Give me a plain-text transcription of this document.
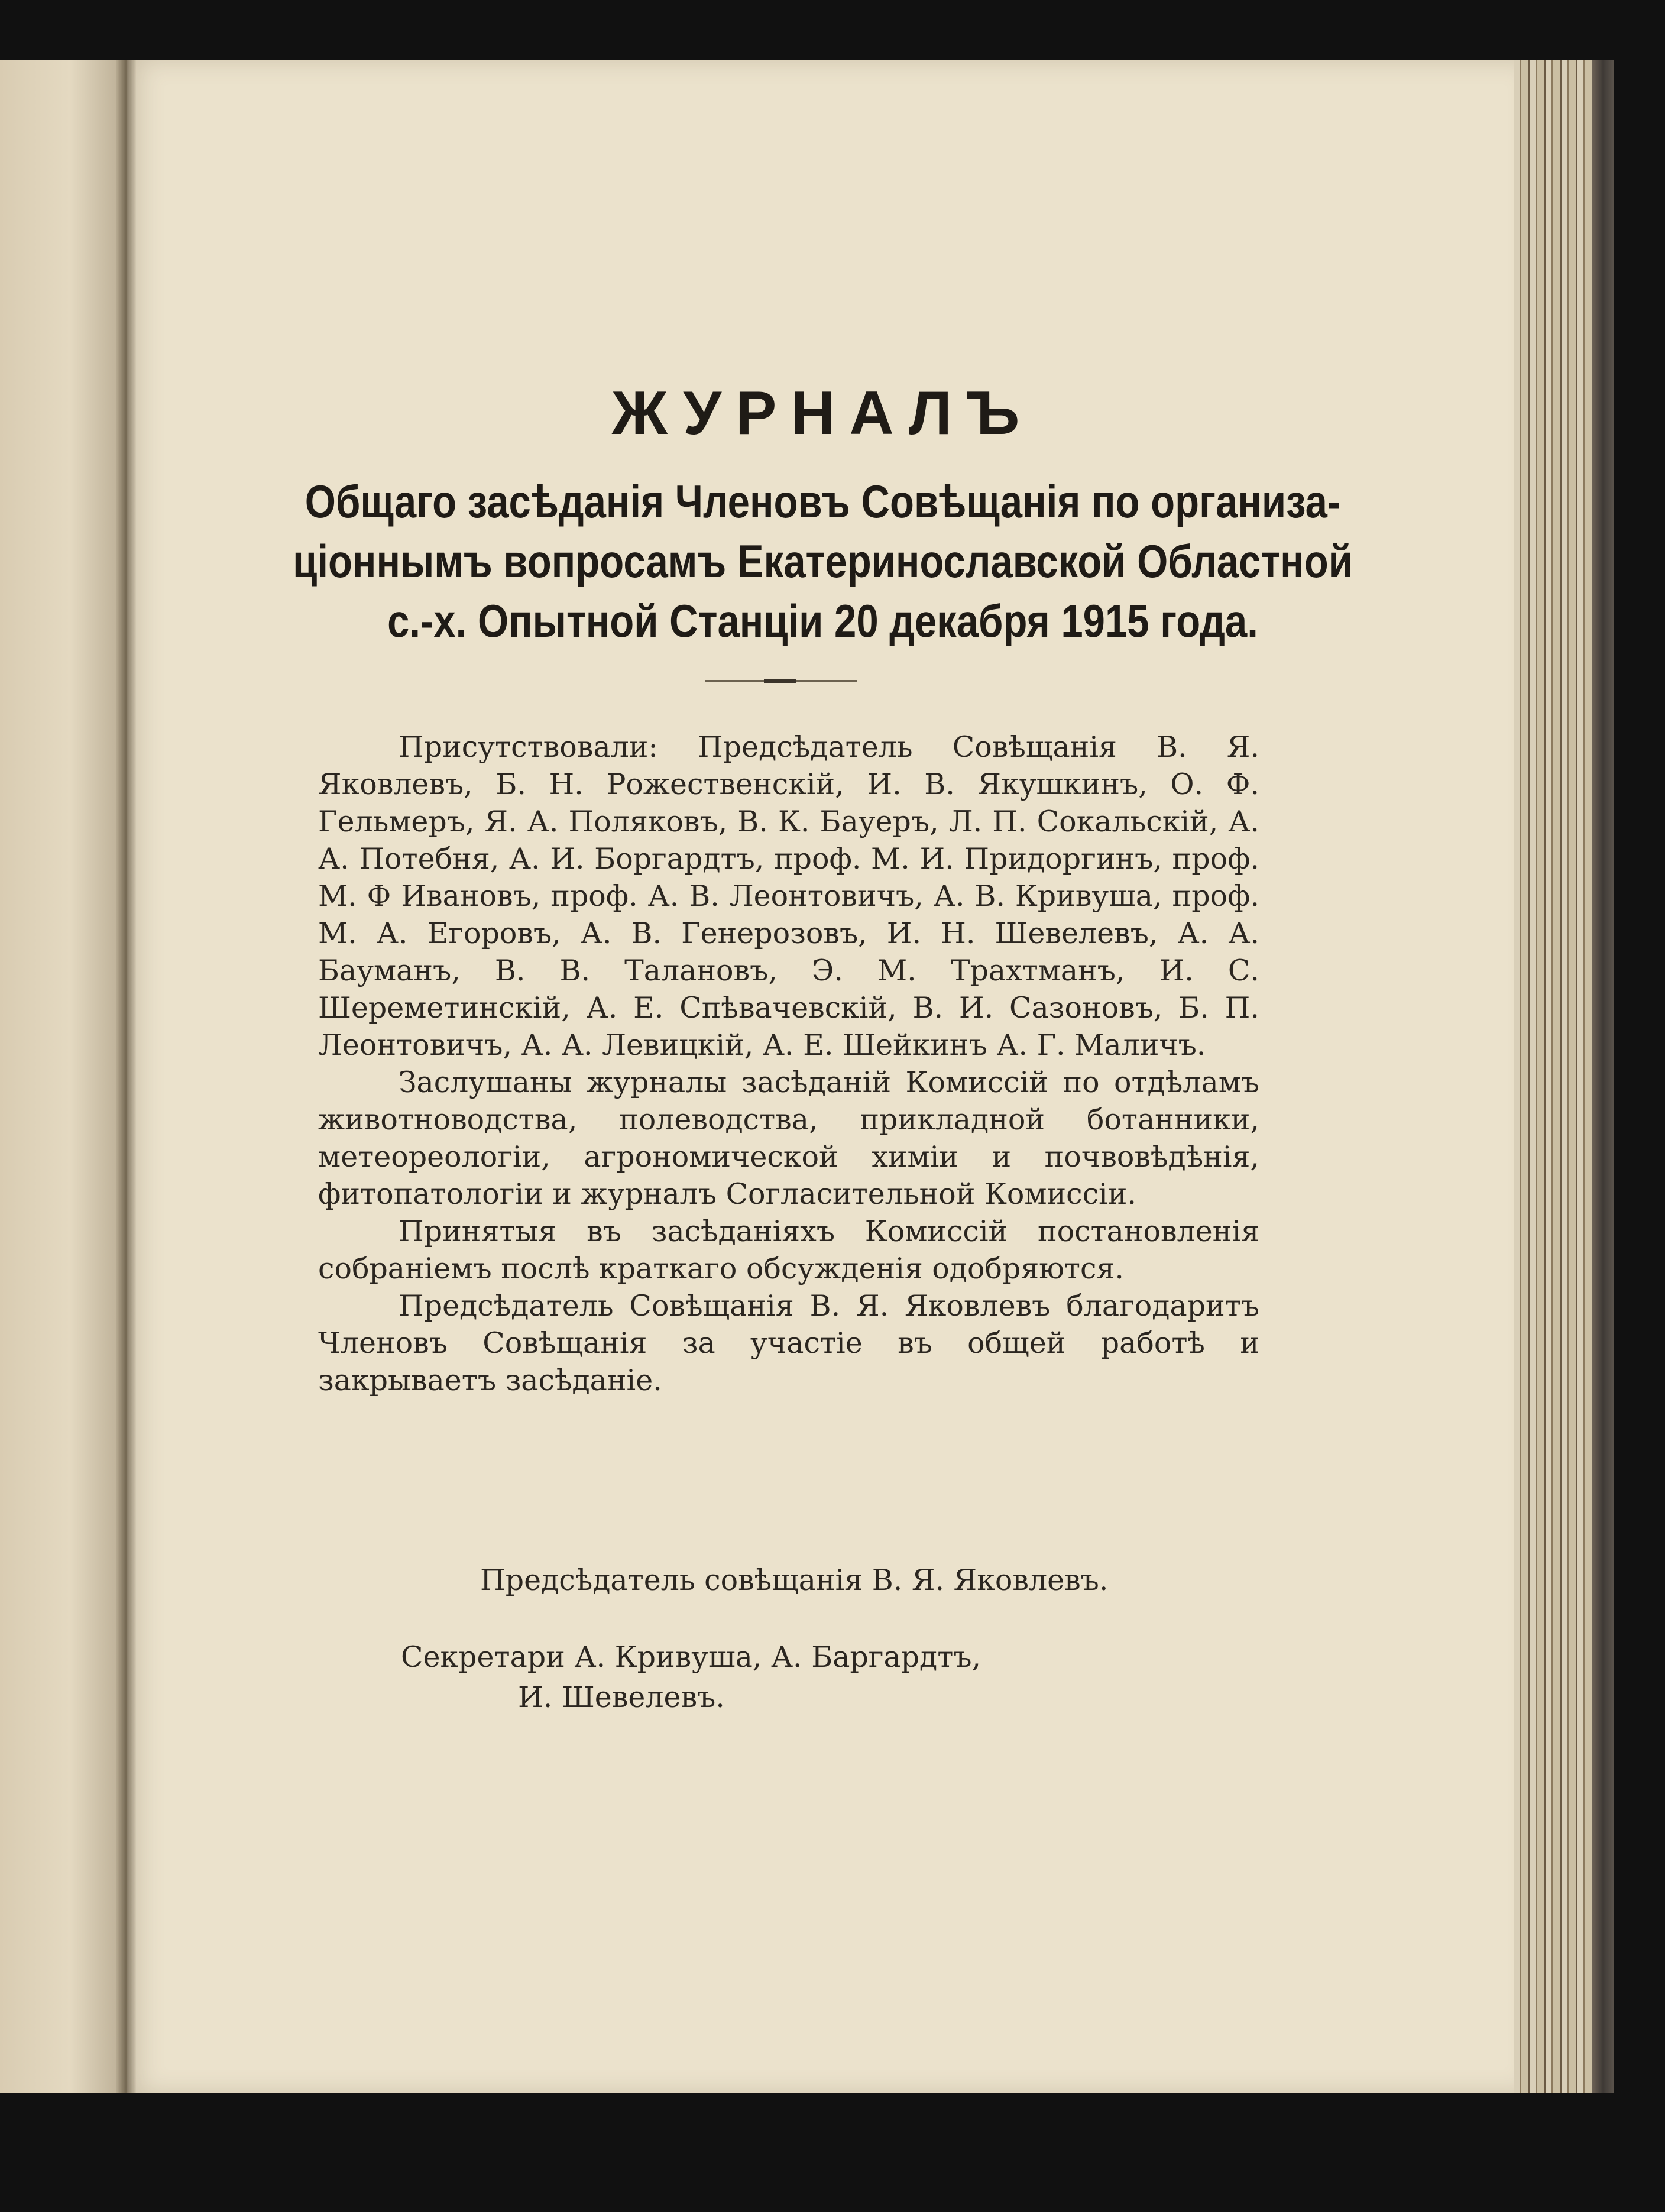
ЖУРНАЛЪ
Общаго засѣданія Членовъ Совѣщанія по организа-
ціоннымъ вопросамъ Екатеринославской Областной
с.-х. Опытной Станціи 20 декабря 1915 года.

Присутствовали: Предсѣдатель Совѣщанія В. Я. Яковлевъ, Б. Н. Рожественскій, И. В. Якушкинъ, О. Ф. Гельмеръ, Я. А. Поляковъ, В. К. Бауеръ, Л. П. Сокальскій, А. А. Потебня, А. И. Боргардтъ, проф. М. И. Придоргинъ, проф. М. Ф Ивановъ, проф. А. В. Леонтовичъ, А. В. Кривуша, проф. М. А. Егоровъ, А. В. Генерозовъ, И. Н. Шевелевъ, А. А. Бауманъ, В. В. Талановъ, Э. М. Трахтманъ, И. С. Шереметинскій, А. Е. Спѣвачевскій, В. И. Сазоновъ, Б. П. Леонтовичъ, А. А. Левицкій, А. Е. Шейкинъ А. Г. Маличъ.

Заслушаны журналы засѣданій Комиссій по отдѣламъ животноводства, полеводства, прикладной ботанники, метеореологіи, агрономической химіи и почвовѣдѣнія, фитопатологіи и журналъ Согласительной Комиссіи.

Принятыя въ засѣданіяхъ Комиссій постановленія собраніемъ послѣ краткаго обсужденія одобряются.

Предсѣдатель Совѣщанія В. Я. Яковлевъ благодаритъ Членовъ Совѣщанія за участіе въ общей работѣ и закрываетъ засѣданіе.

Предсѣдатель совѣщанія В. Я. Яковлевъ.

Секретари А. Кривуша, А. Баргардтъ,

И. Шевелевъ.
